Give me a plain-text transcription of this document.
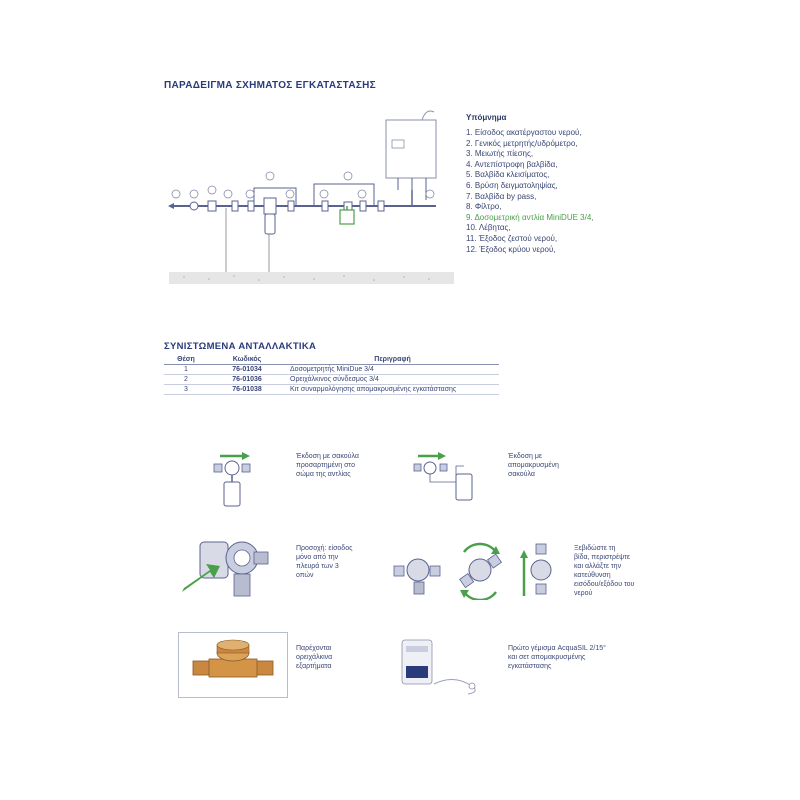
ΠΑΡΑΔΕΙΓΜΑ ΣΧΗΜΑΤΟΣ ΕΓΚΑΤΑΣΤΑΣΗΣ
Υπόμνημα
1. Είσοδος ακατέργαστου νερού,
2. Γενικός μετρητής/υδρόμετρο,
3. Μειωτής πίεσης,
4. Αντεπίστροφη βαλβίδα,
5. Βαλβίδα κλεισίματος,
6. Βρύση δειγματοληψίας,
7. Βαλβίδα by pass,
8. Φίλτρο,
9. Δοσομετρική αντλία MiniDUE 3/4,
10. Λέβητας,
11. Έξοδος ζεστού νερού,
12. Έξοδος κρύου νερού,
ΣΥΝΙΣΤΩΜΕΝΑ ΑΝΤΑΛΛΑΚΤΙΚΑ
Θέση	Κωδικός	Περιγραφή
1	76-01034	Δοσομετρητής MiniDue 3/4
2	76-01036	Ορειχάλκινος σύνδεσμος 3/4
3	76-01038	Κιτ συναρμολόγησης απομακρυσμένης εγκατάστασης
Έκδοση με σακούλα
προσαρτημένη στο
σώμα της αντλίας
Έκδοση με
απομακρυσμένη
σακούλα
Προσοχή: είσοδος
μόνο από την
πλευρά των 3
οπών
Ξεβιδώστε τη
βίδα, περιστρέψτε
και αλλάξτε την
κατεύθυνση
εισόδου/εξόδου του
νερού
Παρέχονται
ορειχάλκινα
εξαρτήματα
Πρώτο γέμισμα AcquaSIL 2/15°
και σετ απομακρυσμένης
εγκατάστασης
